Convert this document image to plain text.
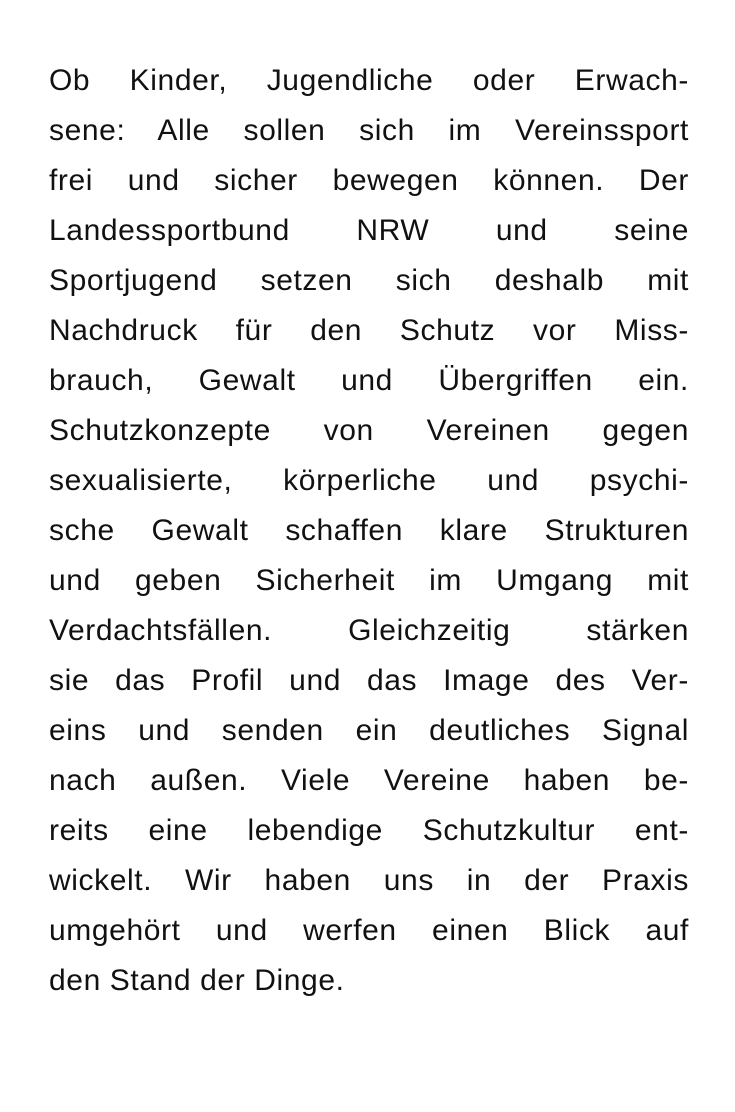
Ob Kinder, Jugendliche oder Erwach-
sene: Alle sollen sich im Vereinssport
frei und sicher bewegen können. Der
Landessportbund NRW und seine
Sportjugend setzen sich deshalb mit
Nachdruck für den Schutz vor Miss-
brauch, Gewalt und Übergriffen ein.
Schutzkonzepte von Vereinen gegen
sexualisierte, körperliche und psychi-
sche Gewalt schaffen klare Strukturen
und geben Sicherheit im Umgang mit
Verdachtsfällen. Gleichzeitig stärken
sie das Profil und das Image des Ver-
eins und senden ein deutliches Signal
nach außen. Viele Vereine haben be-
reits eine lebendige Schutzkultur ent-
wickelt. Wir haben uns in der Praxis
umgehört und werfen einen Blick auf
den Stand der Dinge.
